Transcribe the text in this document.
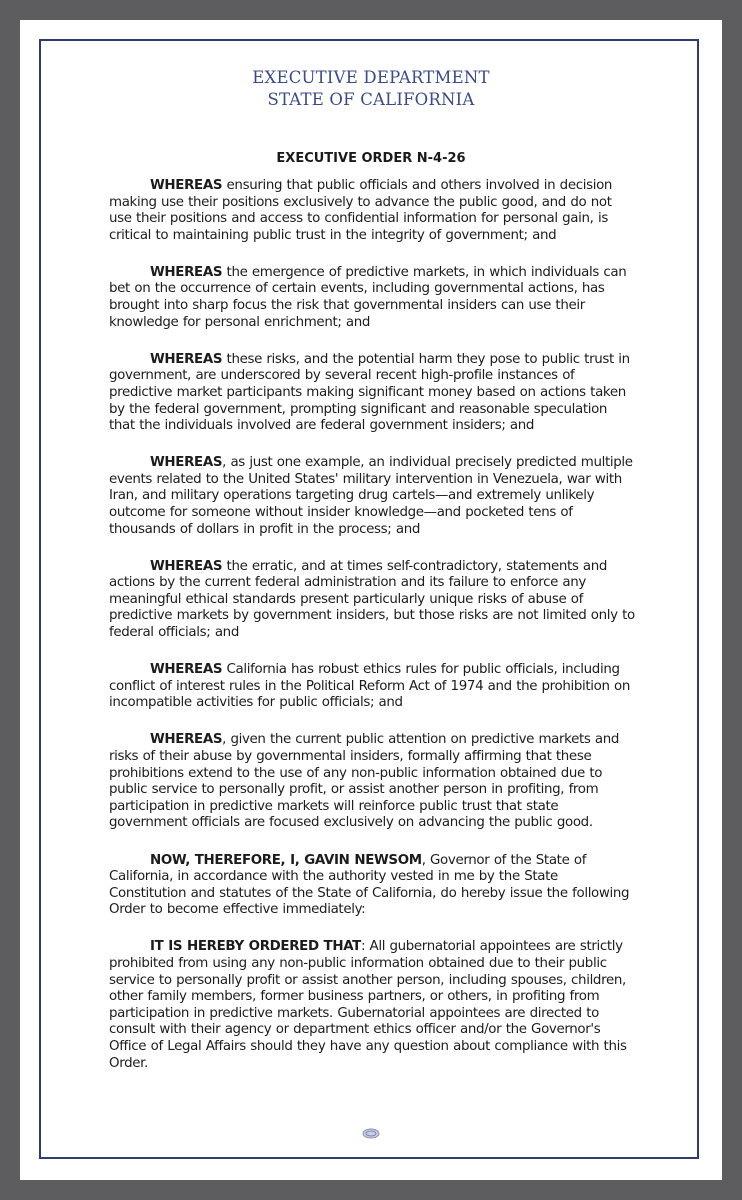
EXECUTIVE DEPARTMENT
STATE OF CALIFORNIA
EXECUTIVE ORDER N-4-26

WHEREAS ensuring that public officials and others involved in decision making use their positions exclusively to advance the public good, and do not use their positions and access to confidential information for personal gain, is critical to maintaining public trust in the integrity of government; and

WHEREAS the emergence of predictive markets, in which individuals can bet on the occurrence of certain events, including governmental actions, has brought into sharp focus the risk that governmental insiders can use their knowledge for personal enrichment; and

WHEREAS these risks, and the potential harm they pose to public trust in government, are underscored by several recent high-profile instances of predictive market participants making significant money based on actions taken by the federal government, prompting significant and reasonable speculation that the individuals involved are federal government insiders; and

WHEREAS, as just one example, an individual precisely predicted multiple events related to the United States' military intervention in Venezuela, war with Iran, and military operations targeting drug cartels—and extremely unlikely outcome for someone without insider knowledge—and pocketed tens of thousands of dollars in profit in the process; and

WHEREAS the erratic, and at times self-contradictory, statements and actions by the current federal administration and its failure to enforce any meaningful ethical standards present particularly unique risks of abuse of predictive markets by government insiders, but those risks are not limited only to federal officials; and

WHEREAS California has robust ethics rules for public officials, including conflict of interest rules in the Political Reform Act of 1974 and the prohibition on incompatible activities for public officials; and

WHEREAS, given the current public attention on predictive markets and risks of their abuse by governmental insiders, formally affirming that these prohibitions extend to the use of any non-public information obtained due to public service to personally profit, or assist another person in profiting, from participation in predictive markets will reinforce public trust that state government officials are focused exclusively on advancing the public good.

NOW, THEREFORE, I, GAVIN NEWSOM, Governor of the State of California, in accordance with the authority vested in me by the State Constitution and statutes of the State of California, do hereby issue the following Order to become effective immediately:

IT IS HEREBY ORDERED THAT: All gubernatorial appointees are strictly prohibited from using any non-public information obtained due to their public service to personally profit or assist another person, including spouses, children, other family members, former business partners, or others, in profiting from participation in predictive markets. Gubernatorial appointees are directed to consult with their agency or department ethics officer and/or the Governor's Office of Legal Affairs should they have any question about compliance with this Order.
